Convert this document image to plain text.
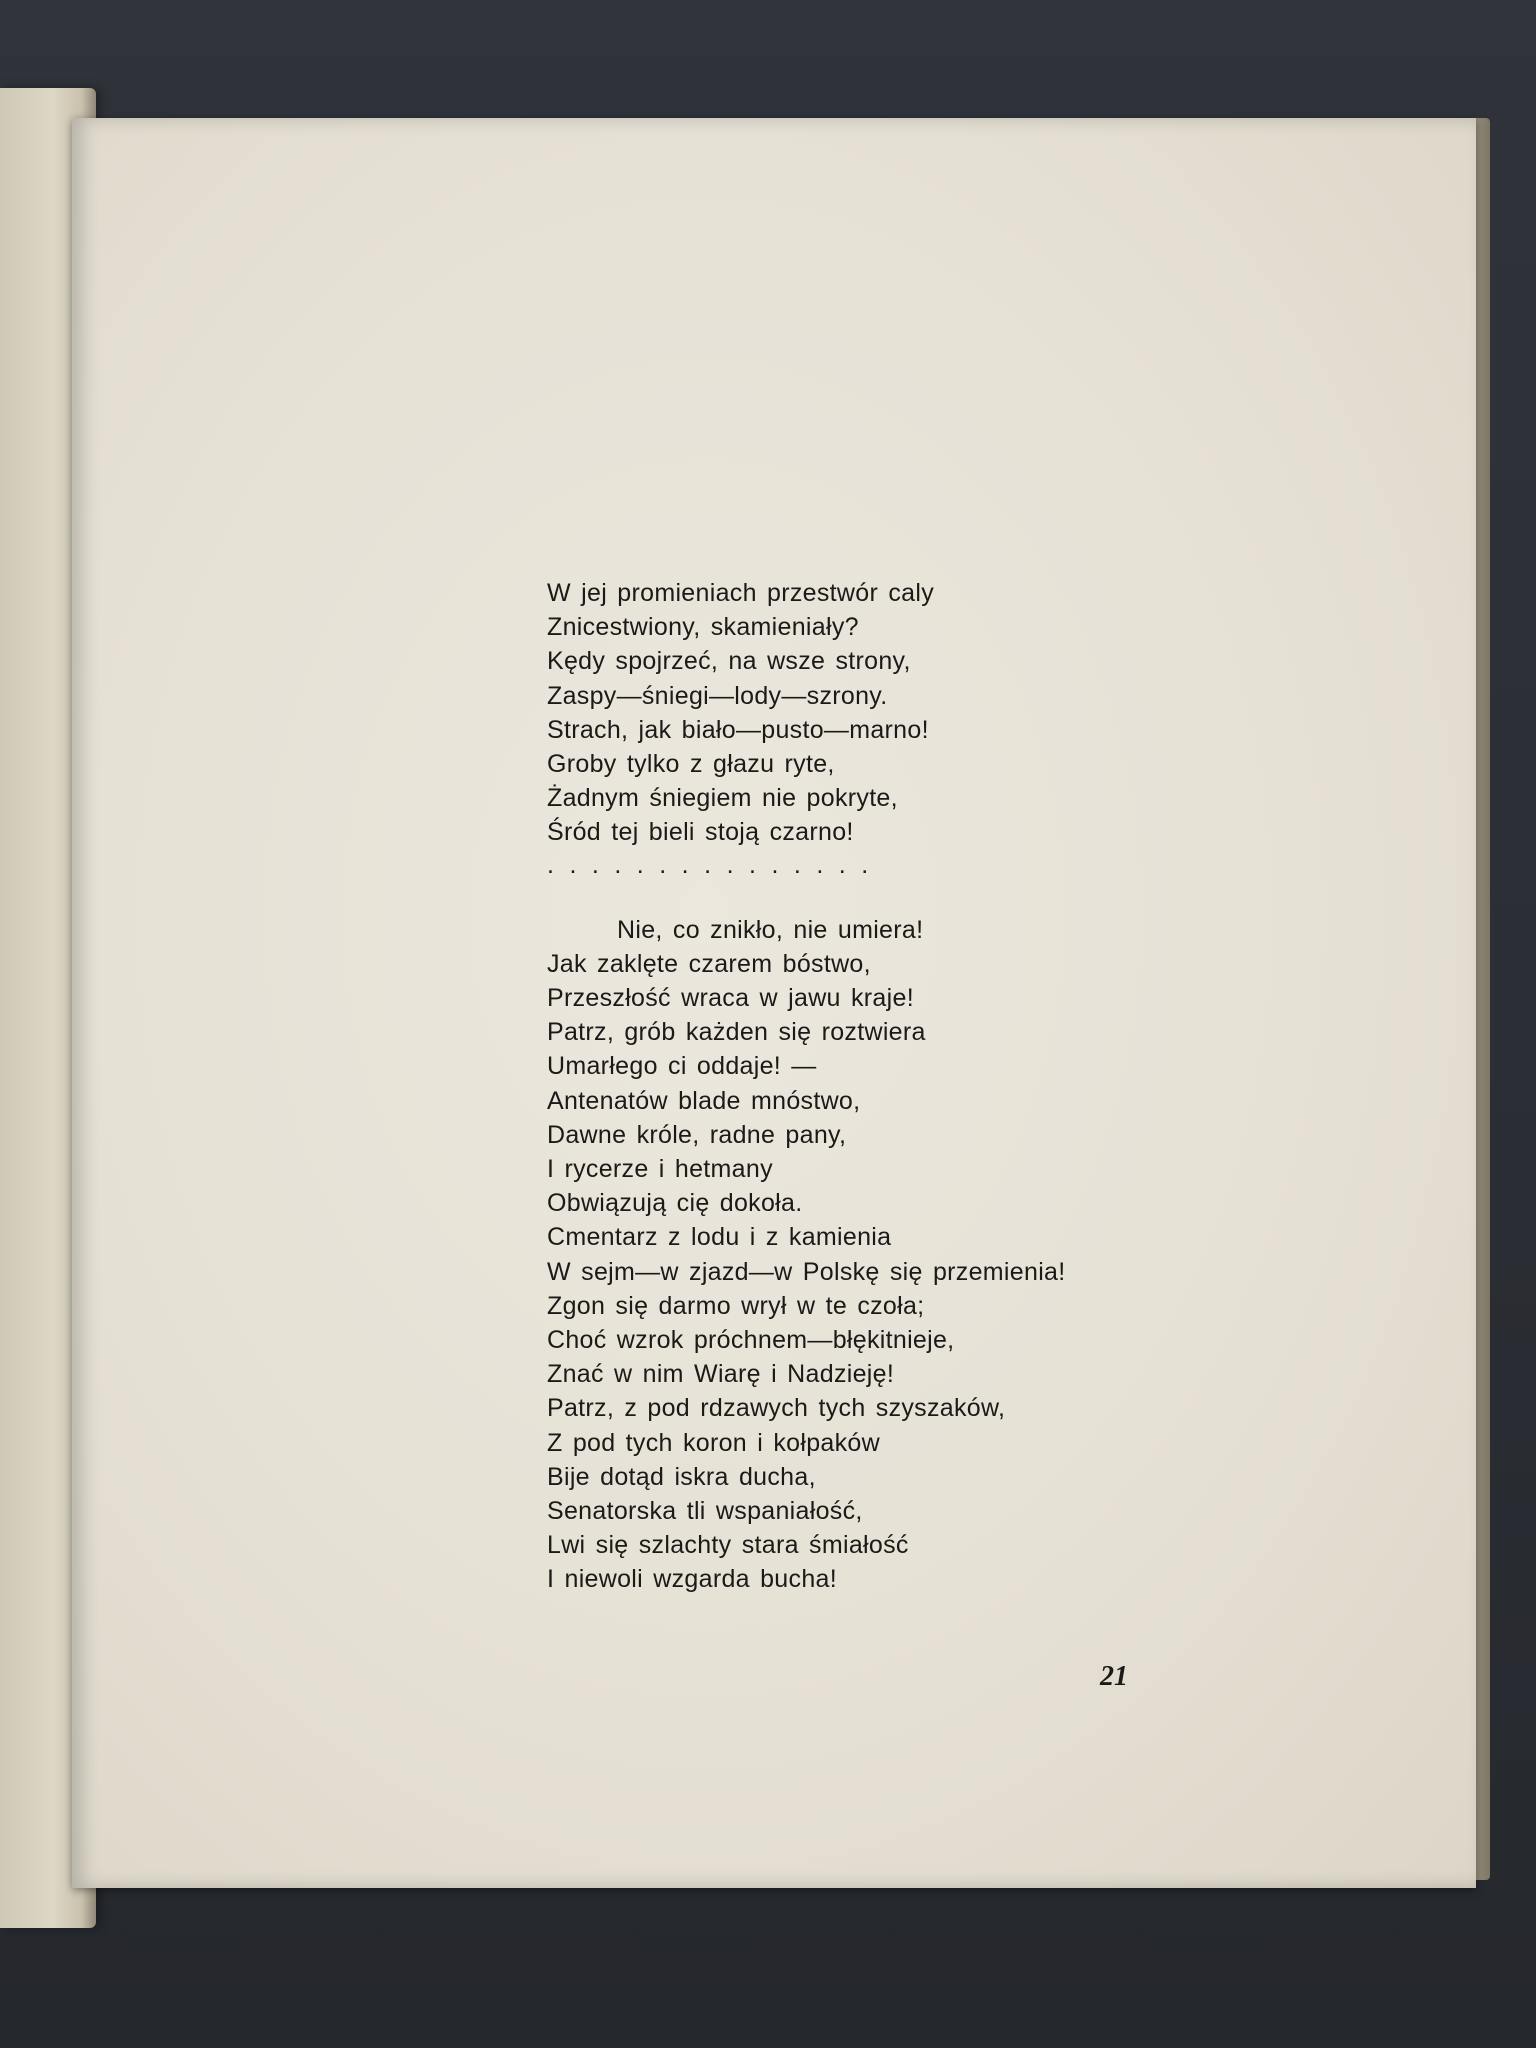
W jej promieniach przestwór caly
Znicestwiony, skamieniały?
Kędy spojrzeć, na wsze strony,
Zaspy—śniegi—lody—szrony.
Strach, jak biało—pusto—marno!
Groby tylko z głazu ryte,
Żadnym śniegiem nie pokryte,
Śród tej bieli stoją czarno!
...............
Nie, co znikło, nie umiera!
Jak zaklęte czarem bóstwo,
Przeszłość wraca w jawu kraje!
Patrz, grób każden się roztwiera
Umarłego ci oddaje! —
Antenatów blade mnóstwo,
Dawne króle, radne pany,
I rycerze i hetmany
Obwiązują cię dokoła.
Cmentarz z lodu i z kamienia
W sejm—w zjazd—w Polskę się przemienia!
Zgon się darmo wrył w te czoła;
Choć wzrok próchnem—błękitnieje,
Znać w nim Wiarę i Nadzieję!
Patrz, z pod rdzawych tych szyszaków,
Z pod tych koron i kołpaków
Bije dotąd iskra ducha,
Senatorska tli wspaniałość,
Lwi się szlachty stara śmiałość
I niewoli wzgarda bucha!
21
